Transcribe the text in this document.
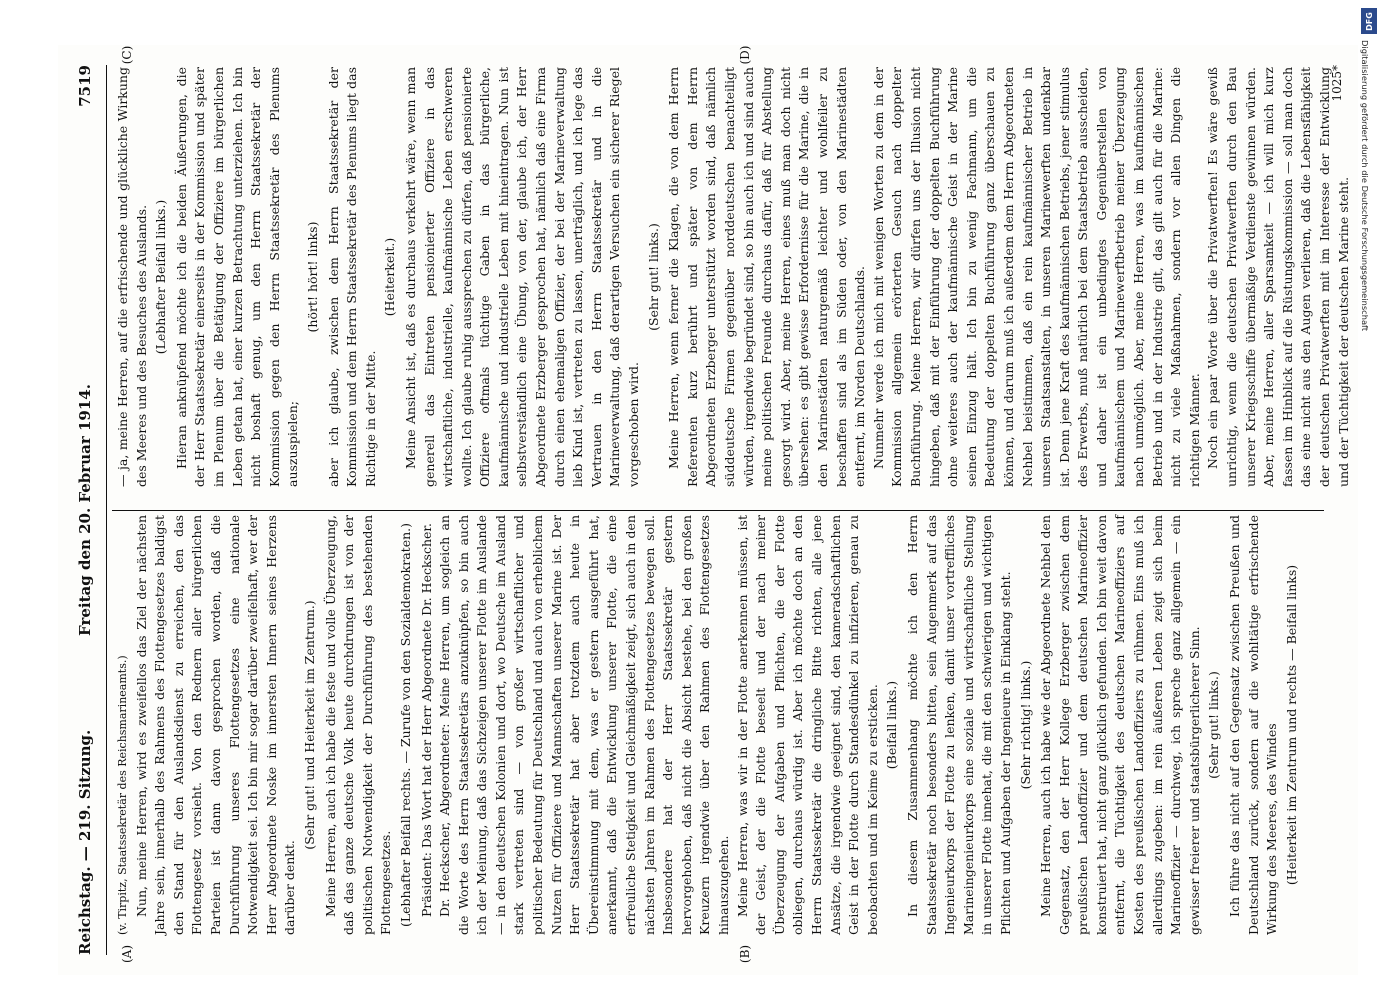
Reichstag. — 219. Sitzung.
Freitag den 20. Februar 1914.
7519
(A)	(B)
(C)	(D)

(v. Tirpitz, Staatssekretär des Reichsmarineamts.) Nun, meine Herren, wird es zweifellos das Ziel der nächsten Jahre sein, innerhalb des Rahmens des Flottengesetzes baldigst den Stand für den Auslandsdienst zu erreichen, den das Flottengesetz vorsieht. Von den Rednern aller bürgerlichen Parteien ist dann davon gesprochen worden, daß die Durchführung unseres Flottengesetzes eine nationale Notwendigkeit sei. Ich bin mir sogar darüber zweifelhaft, wer der Herr Abgeordnete Noske im innersten Innern seines Herzens darüber denkt.

(Sehr gut! und Heiterkeit im Zentrum.) Meine Herren, auch ich habe die feste und volle Überzeugung, daß das ganze deutsche Volk heute durchdrungen ist von der politischen Notwendigkeit der Durchführung des bestehenden Flottengesetzes. (Lebhafter Beifall rechts. — Zurufe von den Sozialdemokraten.) Präsident: Das Wort hat der Herr Abgeordnete Dr. Heckscher. Dr. Heckscher, Abgeordneter: Meine Herren, um sogleich an die Worte des Herrn Staatssekretärs anzuknüpfen, so bin auch ich der Meinung, daß das Sichzeigen unserer Flotte im Auslande — in den deutschen Kolonien und dort, wo Deutsche im Ausland stark vertreten sind — von großer wirtschaftlicher und politischer Bedeutung für Deutschland und auch von erheblichem Nutzen für Offiziere und Mannschaften unserer Marine ist. Der Herr Staatssekretär hat aber trotzdem auch heute in Übereinstimmung mit dem, was er gestern ausgeführt hat, anerkannt, daß die Entwicklung unserer Flotte, die eine erfreuliche Stetigkeit und Gleichmäßigkeit zeigt, sich auch in den nächsten Jahren im Rahmen des Flottengesetzes bewegen soll. Insbesondere hat der Herr Staatssekretär gestern hervorgehoben, daß nicht die Absicht bestehe, bei den großen Kreuzern irgendwie über den Rahmen des Flottengesetzes hinauszugehen. Meine Herren, was wir in der Flotte anerkennen müssen, ist der Geist, der die Flotte beseelt und der nach meiner Überzeugung der Aufgaben und Pflichten, die der Flotte obliegen, durchaus würdig ist. Aber ich möchte doch an den Herrn Staatssekretär die dringliche Bitte richten, alle jene Ansätze, die irgendwie geeignet sind, den kameradschaftlichen Geist in der Flotte durch Standesdünkel zu infizieren, genau zu beobachten und im Keime zu ersticken. (Beifall links.) In diesem Zusammenhang möchte ich den Herrn Staatssekretär noch besonders bitten, sein Augenmerk auf das Ingenieurkorps der Flotte zu lenken, damit unser vortreffliches Marineingenieurkorps eine soziale und wirtschaftliche Stellung in unserer Flotte innehat, die mit den schwierigen und wichtigen Pflichten und Aufgaben der Ingenieure in Einklang steht. (Sehr richtig! links.) Meine Herren, auch ich habe wie der Abgeordnete Nehbel den Gegensatz, den der Herr Kollege Erzberger zwischen dem preußischen Landoffizier und dem deutschen Marineoffizier konstruiert hat, nicht ganz glücklich gefunden. Ich bin weit davon entfernt, die Tüchtigkeit des deutschen Marineoffiziers auf Kosten des preußischen Landoffiziers zu rühmen. Eins muß ich allerdings zugeben: im rein äußeren Leben zeigt sich beim Marineoffizier — durchweg, ich spreche ganz allgemein — ein gewisser freierer und staatsbürgerlicherer Sinn. (Sehr gut! links.) Ich führe das nicht auf den Gegensatz zwischen Preußen und Deutschland zurück, sondern auf die wohltätige erfrischende Wirkung des Meeres, des Windes (Heiterkeit im Zentrum und rechts — Beifall links)

— ja, meine Herren, auf die erfrischende und glückliche Wirkung des Meeres und des Besuches des Auslands. (Lebhafter Beifall links.) Hieran anknüpfend möchte ich die beiden Äußerungen, die der Herr Staatssekretär einerseits in der Kommission und später im Plenum über die Betätigung der Offiziere im bürgerlichen Leben getan hat, einer kurzen Betrachtung unterziehen. Ich bin nicht boshaft genug, um den Herrn Staatssekretär der Kommission gegen den Herrn Staatssekretär des Plenums auszuspielen;

(hört! hört! links) aber ich glaube, zwischen dem Herrn Staatssekretär der Kommission und dem Herrn Staatssekretär des Plenums liegt das Richtige in der Mitte.

(Heiterkeit.) Meine Ansicht ist, daß es durchaus verkehrt wäre, wenn man generell das Eintreten pensionierter Offiziere in das wirtschaftliche, industrielle, kaufmännische Leben erschweren wollte. Ich glaube ruhig aussprechen zu dürfen, daß pensionierte Offiziere oftmals tüchtige Gaben in das bürgerliche, kaufmännische und industrielle Leben mit hineintragen. Nun ist selbstverständlich eine Übung, von der, glaube ich, der Herr Abgeordnete Erzberger gesprochen hat, nämlich daß eine Firma durch einen ehemaligen Offizier, der bei der Marineverwaltung lieb Kind ist, vertreten zu lassen, unerträglich, und ich lege das Vertrauen in den Herrn Staatssekretär und in die Marineverwaltung, daß derartigen Versuchen ein sicherer Riegel vorgeschoben wird.

(Sehr gut! links.) Meine Herren, wenn ferner die Klagen, die von dem Herrn Referenten kurz berührt und später von dem Herrn Abgeordneten Erzberger unterstützt worden sind, daß nämlich süddeutsche Firmen gegenüber norddeutschen benachteiligt würden, irgendwie begründet sind, so bin auch ich und sind auch meine politischen Freunde durchaus dafür, daß für Abstellung gesorgt wird. Aber, meine Herren, eines muß man doch nicht übersehen: es gibt gewisse Erfordernisse für die Marine, die in den Marinestädten naturgemäß leichter und wohlfeiler zu beschaffen sind als im Süden oder, von den Marinestädten entfernt, im Norden Deutschlands. Nunmehr werde ich mich mit wenigen Worten zu dem in der Kommission allgemein erörterten Gesuch nach doppelter Buchführung. Meine Herren, wir dürfen uns der Illusion nicht hingeben, daß mit der Einführung der doppelten Buchführung ohne weiteres auch der kaufmännische Geist in der Marine seinen Einzug hält. Ich bin zu wenig Fachmann, um die Bedeutung der doppelten Buchführung ganz überschauen zu können, und darum muß ich außerdem dem Herrn Abgeordneten Nehbel beistimmen, daß ein rein kaufmännischer Betrieb in unseren Staatsanstalten, in unseren Marinewerften undenkbar ist. Denn jene Kraft des kaufmännischen Betriebs, jener stimulus des Erwerbs, muß natürlich bei dem Staatsbetrieb ausscheiden, und daher ist ein unbedingtes Gegenüberstellen von kaufmännischem und Marinewerftbetrieb meiner Überzeugung nach unmöglich. Aber, meine Herren, was im kaufmännischen Betrieb und in der Industrie gilt, das gilt auch für die Marine: nicht zu viele Maßnahmen, sondern vor allen Dingen die richtigen Männer. Noch ein paar Worte über die Privatwerften! Es wäre gewiß unrichtig, wenn die deutschen Privatwerften durch den Bau unserer Kriegsschiffe übermäßige Verdienste gewinnen würden. Aber, meine Herren, aller Sparsamkeit — ich will mich kurz fassen im Hinblick auf die Rüstungskommission — soll man doch das eine nicht aus den Augen verlieren, daß die Lebensfähigkeit der deutschen Privatwerften mit im Interesse der Entwicklung und der Tüchtigkeit der deutschen Marine steht.

1025*
DFG
Digitalisierung gefördert durch die Deutsche Forschungsgemeinschaft
